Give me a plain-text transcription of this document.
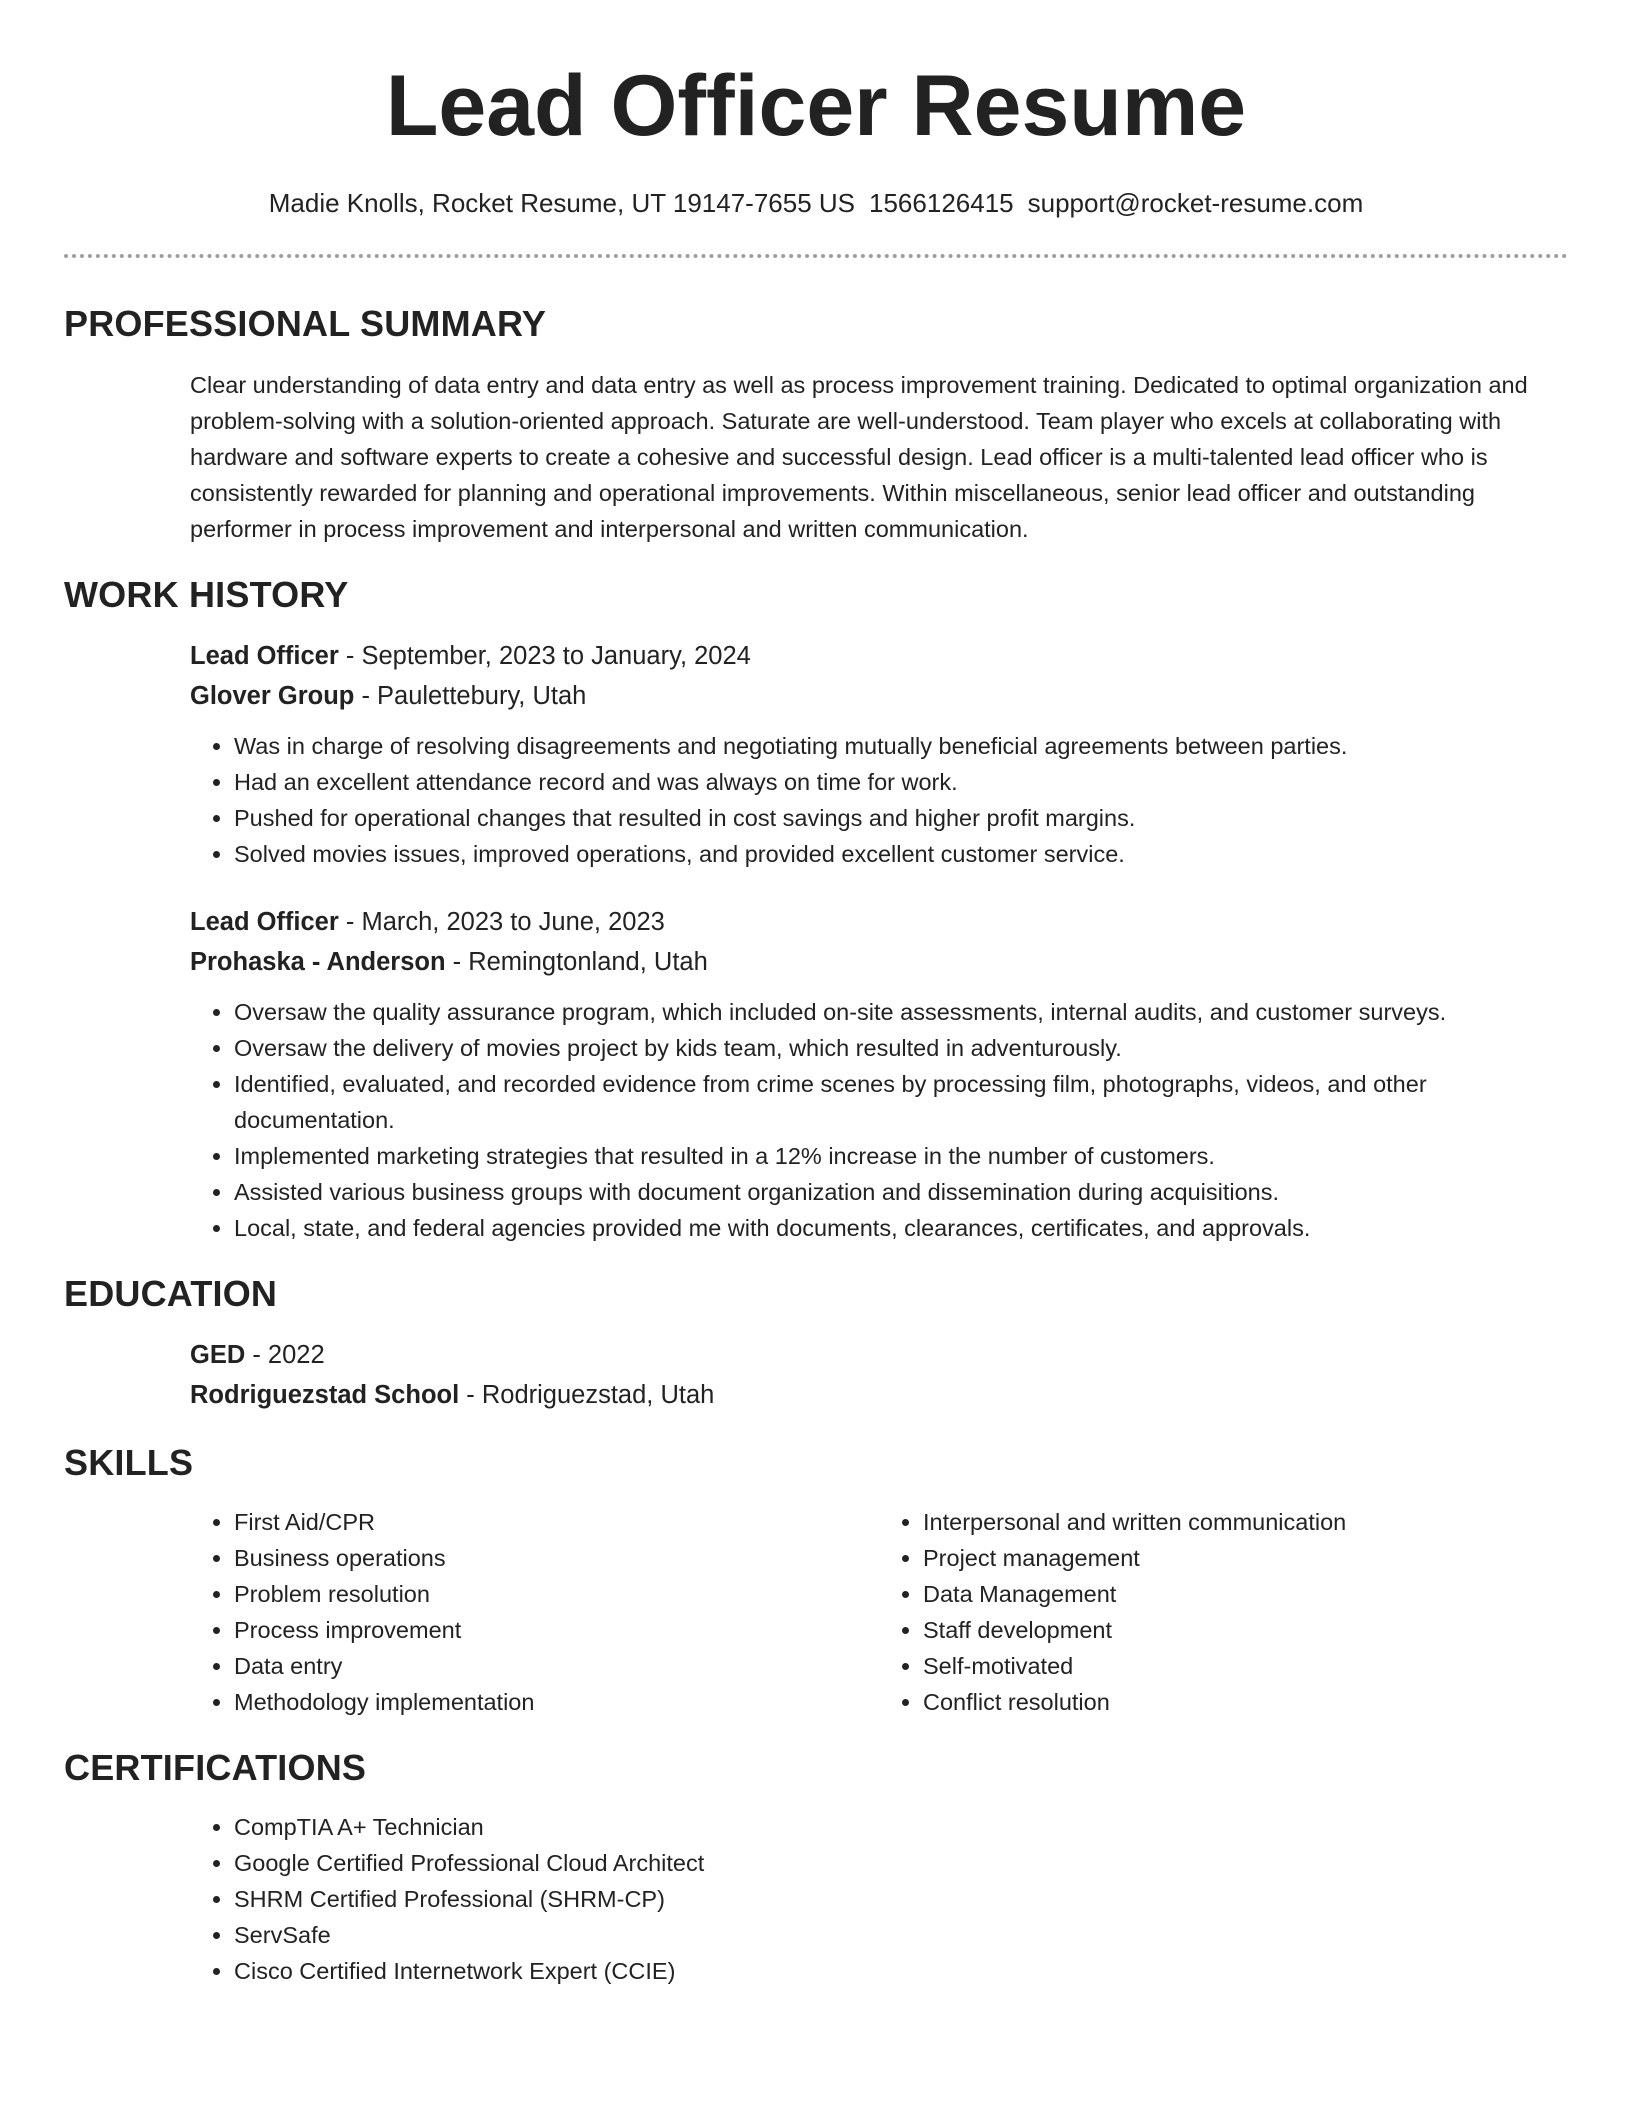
Lead Officer Resume
Madie Knolls, Rocket Resume, UT 19147-7655 US 1566126415 support@rocket-resume.com
PROFESSIONAL SUMMARY

Clear understanding of data entry and data entry as well as process improvement training. Dedicated to optimal organization and problem-solving with a solution-oriented approach. Saturate are well-understood. Team player who excels at collaborating with hardware and software experts to create a cohesive and successful design. Lead officer is a multi-talented lead officer who is consistently rewarded for planning and operational improvements. Within miscellaneous, senior lead officer and outstanding performer in process improvement and interpersonal and written communication.

WORK HISTORY
Lead Officer - September, 2023 to January, 2024
Glover Group - Paulettebury, Utah
• Was in charge of resolving disagreements and negotiating mutually beneficial agreements between parties.
• Had an excellent attendance record and was always on time for work.
• Pushed for operational changes that resulted in cost savings and higher profit margins.
• Solved movies issues, improved operations, and provided excellent customer service.
Lead Officer - March, 2023 to June, 2023
Prohaska - Anderson - Remingtonland, Utah
• Oversaw the quality assurance program, which included on-site assessments, internal audits, and customer surveys.
• Oversaw the delivery of movies project by kids team, which resulted in adventurously.
• Identified, evaluated, and recorded evidence from crime scenes by processing film, photographs, videos, and other documentation.
• Implemented marketing strategies that resulted in a 12% increase in the number of customers.
• Assisted various business groups with document organization and dissemination during acquisitions.
• Local, state, and federal agencies provided me with documents, clearances, certificates, and approvals.
EDUCATION
GED - 2022
Rodriguezstad School - Rodriguezstad, Utah
SKILLS
• First Aid/CPR
• Business operations
• Problem resolution
• Process improvement
• Data entry
• Methodology implementation
• Interpersonal and written communication
• Project management
• Data Management
• Staff development
• Self-motivated
• Conflict resolution
CERTIFICATIONS
• CompTIA A+ Technician
• Google Certified Professional Cloud Architect
• SHRM Certified Professional (SHRM-CP)
• ServSafe
• Cisco Certified Internetwork Expert (CCIE)
